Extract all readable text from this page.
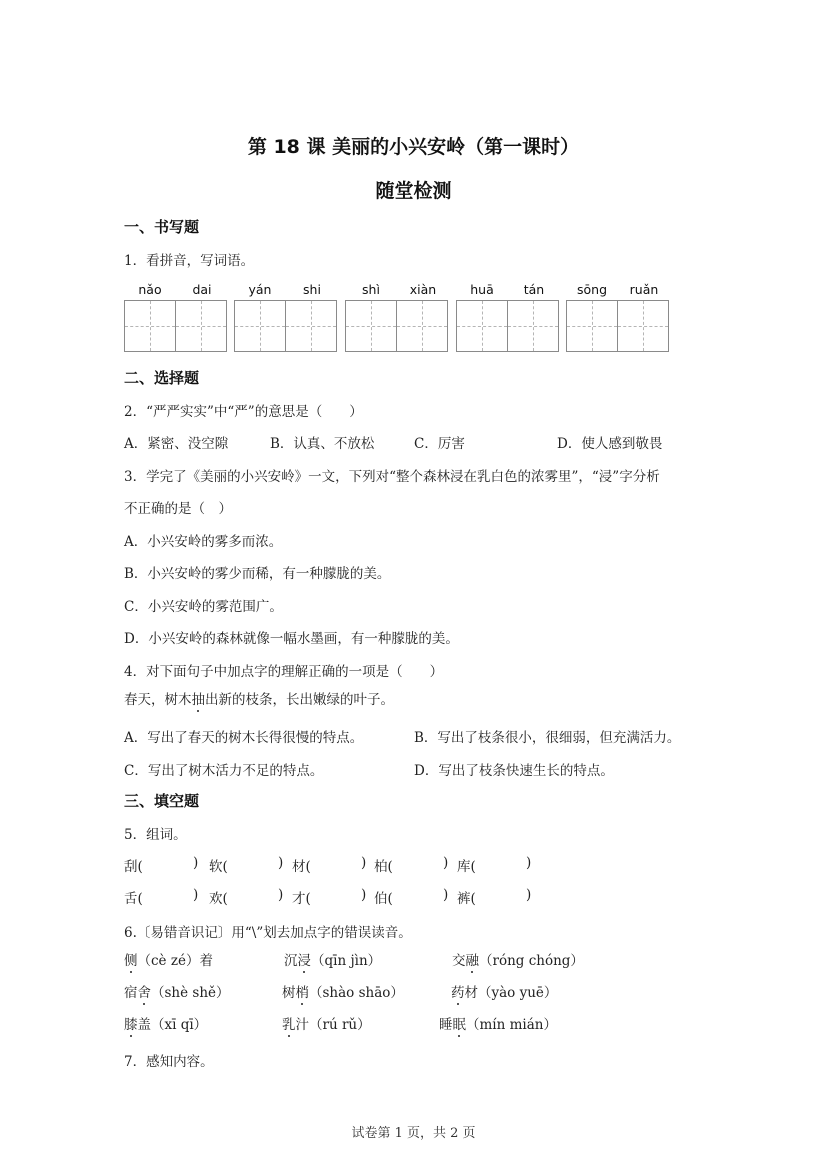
第 18 课 美丽的小兴安岭（第一课时）
随堂检测
一、书写题
1．看拼音，写词语。
nǎo	dai	yán	shi	shì	xiàn	huā	tán	sōng	ruǎn
二、选择题
2．“严严实实”中“严”的意思是（　　）
A．紧密、没空隙	B．认真、不放松	C．厉害	D．使人感到敬畏
3．学完了《美丽的小兴安岭》一文，下列对“整个森林浸在乳白色的浓雾里”，“浸”字分析
不正确的是（　）
A．小兴安岭的雾多而浓。
B．小兴安岭的雾少而稀，有一种朦胧的美。
C．小兴安岭的雾范围广。
D．小兴安岭的森林就像一幅水墨画，有一种朦胧的美。
4．对下面句子中加点字的理解正确的一项是（　　）
春天，树木抽出新的枝条，长出嫩绿的叶子。
A．写出了春天的树木长得很慢的特点。	B．写出了枝条很小，很细弱，但充满活力。
C．写出了树木活力不足的特点。	D．写出了枝条快速生长的特点。
三、填空题
5．组词。
刮(	) 软(	) 材(	) 柏(	) 库(	)
舌(	) 欢(	) 才(	) 伯(	) 裤(	)
6.〔易错音识记〕用“\”划去加点字的错误读音。
侧（cè zé）着	沉浸（qīn jìn）	交融（róng chóng）
宿舍（shè shě）	树梢（shào shāo）	药材（yào yuē）
膝盖（xī qī）	乳汁（rú rǔ）	睡眠（mín mián）
7．感知内容。
试卷第 1 页，共 2 页
